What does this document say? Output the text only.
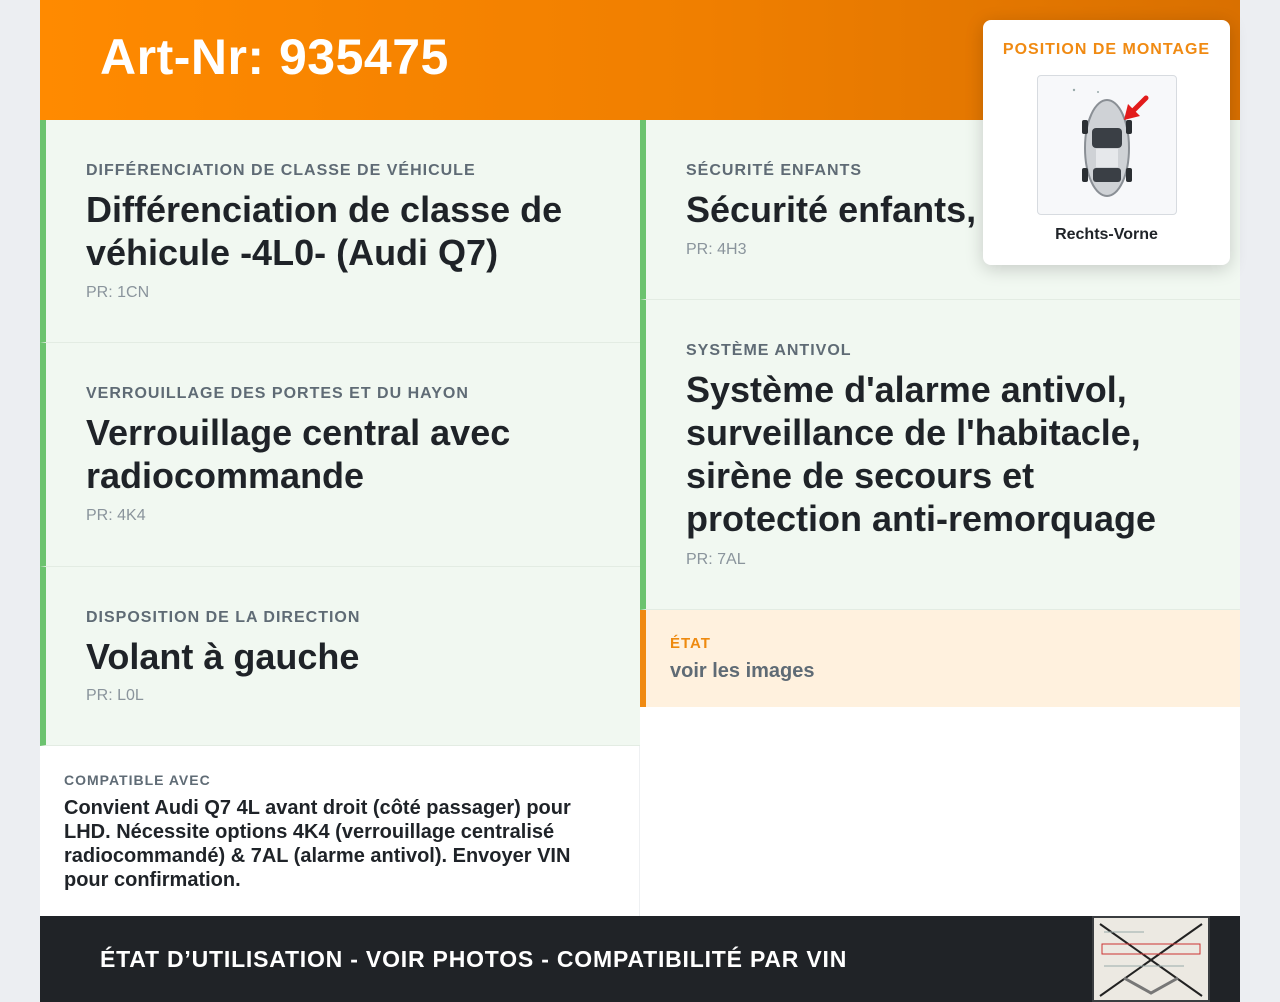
Art-Nr: 935475
DIFFÉRENCIATION DE CLASSE DE VÉHICULE
Différenciation de classe de véhicule -4L0- (Audi Q7)
PR: 1CN
VERROUILLAGE DES PORTES ET DU HAYON
Verrouillage central avec radiocommande
PR: 4K4
DISPOSITION DE LA DIRECTION
Volant à gauche
PR: L0L
SÉCURITÉ ENFANTS
Sécurité enfants,
PR: 4H3
SYSTÈME ANTIVOL
Système d'alarme antivol, surveillance de l'habitacle, sirène de secours et protection anti-remorquage
PR: 7AL
ÉTAT
voir les images
COMPATIBLE AVEC
Convient Audi Q7 4L avant droit (côté passager) pour LHD. Nécessite options 4K4 (verrouillage centralisé radiocommandé) & 7AL (alarme antivol). Envoyer VIN pour confirmation.
ÉTAT D’UTILISATION - VOIR PHOTOS - COMPATIBILITÉ PAR VIN
POSITION DE MONTAGE
Rechts-Vorne
